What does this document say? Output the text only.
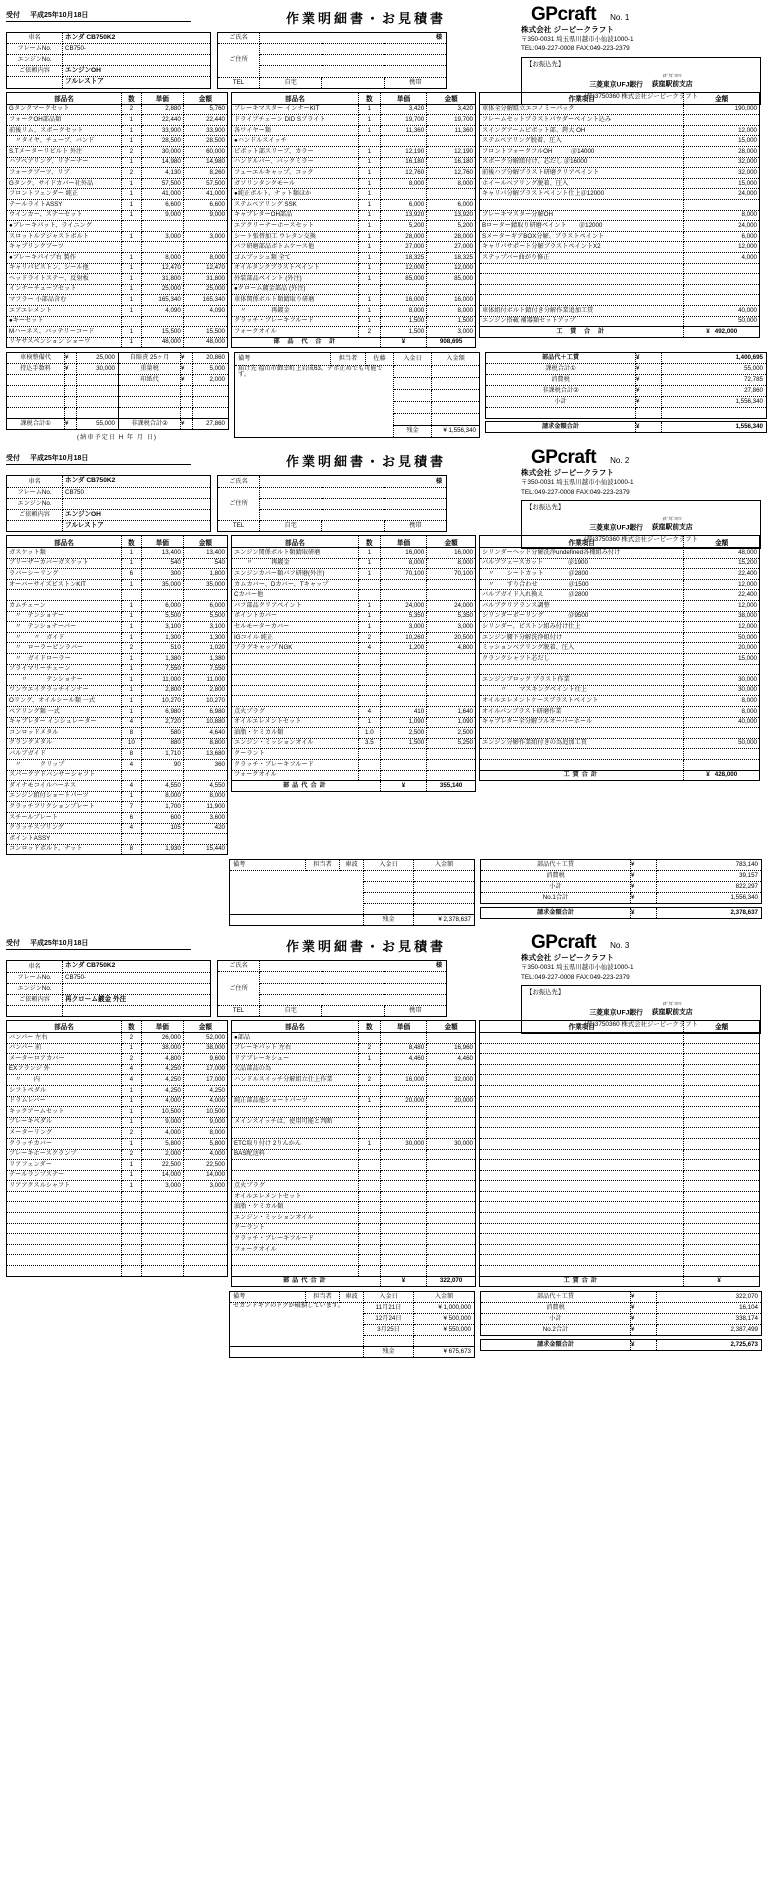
受付 平成25年10月18日	作業明細書・お見積書	GPcraft No. 1
株式会社 ジーピークラフト
〒350-0031 埼玉県川越市小仙波1000-1
TEL:049-227-0008 FAX:049-223-2379
【お振込先】
三菱東京UFJ銀行     ｵｷﾞｸﾎﾞｴｷﾏｴ
荻窪駅前支店
(普)3750360 株式会社ジーピークラフト
車名	ホンダ CB750K2
フレームNo.	CB750-
エンジンNo.	
ご依頼内容	エンジンOH
	フルレストア
ご氏名	様		
ご住所			

TEL	自宅		携帯
部品名	数	単価	金額
Gタンクマークセット	2	2,880	5,760
フォークOH部品類	1	22,440	22,440
前後リム、スポークセット	1	33,900	33,900
　〃タイヤ、チューブ、バンド	1	28,500	28,500
S.Tメーターリビルト 外注	2	30,000	60,000
ハブベアリング、リテーナー	1	14,980	14,980
フォークブーツ、リブ	2	4,130	8,260
Gタンク、サイドカバー社外品	1	57,500	57,500
フロントフェンダー 純正	1	41,000	41,000
テールライトASSY	1	6,600	6,600
ウインカー、ステーセット	1	9,000	9,000
●ブレーキパット、ライニング			
スロットルアジャストボルト	1	3,000	3,000
キャブリンクブーツ			
●ブレーキパイプ右 製作	1	8,000	8,000
キャリパピストン、シール他	1	12,470	12,470
ヘッドライトステー、反射板	1	31,800	31,800
インナーチューブセット	1	25,000	25,000
マフラー 小部品含む	1	165,340	165,340
エアエレメント	1	4,090	4,090
●キーセット			
Mハーネス、バッテリーコード	1	15,500	15,500
リヤサスペンション ショーワ	1	48,000	48,000
部品名	数	単価	金額
ブレーキマスター インナーKIT	1	3,420	3,420
ドライブチェーン DID Sブライト	1	19,700	19,700
各ワイヤー類	1	11,360	11,360
●ハンドルスイッチ			
ピボット部スリーブ、カラー	1	12,190	12,190
ハンドルバー、バックミラー	1	16,180	16,180
フューエルキャップ、コック	1	12,760	12,760
ガソリンタンクモール	1	8,000	8,000
●純正ボルト、ナット類ほか	1		
ステムベアリング SSK	1	6,000	6,000
キャブレターOH部品	1	13,920	13,920
エアクリーナーホースセット	1	5,200	5,200
シート張替加工 ウレタン交換	1	28,000	28,000
バフ研磨部品ボトムケース他	1	27,000	27,000
ゴムブッシュ類 全て	1	18,325	18,325
オイルタンクブラストペイント	1	12,000	12,000
外装部品ペイント (外注)	1	85,000	85,000
●クローム鍍金部品 (外注)			
車体関係ボルト類錆取り研磨	1	16,000	16,000
　〃　　　　再鍍金	1	8,000	8,000
クラッチ・ブレーキフルード	1	1,500	1,500
フォークオイル	2	1,500	3,000
部 品 代 合 計		¥	908,695
作業項目	金額
車体全分解組立エコノミーパック	190,000
フレームセットブラストパウダーペイント込み	
スイングアームピボット部、鍔大 OH	12,000
ステムベアリング脱着、圧入	15,000
フロントフォークフルOH　　　＠14000	28,000
スポーク分解組付け、芯だし ＠16000	32,000
前後ハブ分解ブラスト研磨クリアペイント	32,000
ホイールベアリング脱着、圧入	15,000
キャリパ分解ブラストペイント仕上＠12000	24,000

ブレーキマスター分解OH	8,000
Bローター錆取り研磨ペイント　　＠12000	24,000
SメーターギアBOX分解、ブラストペイント	6,000
キャリパサポート分解ブラストペイントX2	12,000
ステップバー曲がり修正	4,000

車体組付ボルト錆付き分解作業追加工賃	40,000
エンジン搭載 補器類セットアップ	50,000
工 賃 合 計	¥   492,000
車検整備代	¥	25,000	自賠責 25ヶ月	¥	20,860
持込手数料	¥	30,000	重量税	¥	5,000
			印紙代	¥	2,000

課税合計①	¥	55,000	非課税合計②	¥	27,860
(納車予定日 H 年 月 日)
備考	担当者	佐藤	入金日	入金額
届け先 福山市御幸町上岩成63。デポ止めでも可能です。				

			残金	¥ 1,556,340
部品代＋工賃	¥	1,400,695
課税合計①	¥	55,000
消費税	¥	72,785
非課税合計②	¥	27,860
小計	¥	1,556,340

請求金額合計	¥	1,556,340
受付 平成25年10月18日	作業明細書・お見積書	GPcraft No. 2
株式会社 ジーピークラフト
〒350-0031 埼玉県川越市小仙波1000-1
TEL:049-227-0008 FAX:049-223-2379
【お振込先】
三菱東京UFJ銀行     ｵｷﾞｸﾎﾞｴｷﾏｴ
荻窪駅前支店
(普)3750360 株式会社ジーピークラフト
車名	ホンダ CB750K2
フレームNo.	CB750
エンジンNo.	
ご依頼内容	エンジンOH
	フルレストア
ご氏名	様		
ご住所			

TEL	自宅		携帯
部品名	数	単価	金額
ガスケット類	1	13,400	13,400
ブリーザーカバーガスケット	1	540	540
ラバーシーリング	6	300	1,800
オーバーサイズピストンKIT	1	35,000	35,000

カムチェーン	1	6,000	6,000
　〃　テンショナー	1	5,500	5,500
　〃　テンショナーバー	1	3,100	3,100
　〃　　〃　ガイド	1	1,300	1,300
　〃　ローラーピンラバー	2	510	1,020
　〃　ガイドローラー	1	1,380	1,380
プライマリーチェーン	1	7,550	7,550
　　〃　　　テンショナー	1	11,000	11,000
ワンウエイクラッチインナー	1	2,800	2,800
Oリング、オイルシール類 一式	1	10,270	10,270
ベアリング類 一式	1	6,980	6,980
キャブレター インシュレーター	4	2,720	10,880
コンロッドメタル	8	580	4,640
クランクメタル	10	880	8,800
バルブガイド	8	1,710	13,680
　〃　　　クリップ	4	90	360
スパークアドバンサーシャフト			
ダイナモコイルハーネス	4	4,550	4,550
エンジン組付ショートパーツ	1	8,000	8,000
クラッチフリクションプレート	7	1,700	11,900
スチールプレート	6	600	3,600
クラッチスプリング	4	105	420
ポイントASSY			
コンロッドボルト、ナット	8	1,930	15,440
部品名	数	単価	金額
エンジン関係ボルト類錆取研磨	1	16,000	16,000
　　〃　　　再鍍金	1	8,000	8,000
エンジンカバー類バフ研磨(外注)	1	70,100	70,100
カムカバー、Dカバー、Tキャップ			
Cカバー他			
バフ部品クリアペイント	1	24,000	24,000
ポイントカバー	1	5,350	5,350
セルモーターカバー	1	3,000	3,000
IGコイル 純正	2	10,260	20,500
プラグキャップ NGK	4	1,200	4,800

点火プラグ	4	410	1,640
オイルエレメントセット	1	1,090	1,090
油脂・ケミカル類	1.0	2,500	2,500
エンジン・ミッションオイル	3.5	1,500	5,250
クーラント			
クラッチ・ブレーキフルード			
フォークオイル			
部品代合計		¥	355,140
作業項目	金額
シリンダーヘッド分解洗浄undefined各種組み付け	48,000
バルブフェースカット　　　　＠1900	15,200
　〃　　シートカット　　　　＠2800	22,400
　〃　　すり合わせ　　　　　＠1500	12,000
バルブガイド入れ換え　　　　＠2800	22,400
バルブクリアランス調整	12,000
シリンダーボーリング　　　　＠9500	38,000
シリンダー、ピストン組み付け仕上	12,000
エンジン腰下分解洗浄組付け	50,000
ミッションベアリング脱着、圧入	20,000
クランクシャフト芯だし	15,000

エンジンブロック ブラスト作業	30,000
　　　〃　　マスキングペイント仕上	30,000
オイルエレメントケースブラストペイント	8,000
オイルパンブラスト研磨作業	8,000
キャブレター全分解フルオーバーホール	40,000

エンジン分解作業組付きの為追加工賃	50,000

工賃合計	¥   428,000

備考	担当者	庫波	入金日	入金額

			残金	¥ 2,378,637
部品代＋工賃	¥	783,140
消費税	¥	39,157
小計	¥	822,297
No.1合計	¥	1,556,340
請求金額合計	¥	2,378,637
受付 平成25年10月18日	作業明細書・お見積書	GPcraft No. 3
株式会社 ジーピークラフト
〒350-0031 埼玉県川越市小仙波1000-1
TEL:049-227-0008 FAX:049-223-2379
【お振込先】
三菱東京UFJ銀行     ｵｷﾞｸﾎﾞｴｷﾏｴ
荻窪駅前支店
(普)3750360 株式会社ジーピークラフト
車名	ホンダ CB750K2
フレームNo.	CB750-
エンジンNo.	
ご依頼内容	再クローム鍍金 外注

ご氏名	様		
ご住所			

TEL	自宅		携帯
部品名	数	単価	金額
バンパー 左右	2	26,000	52,000
バンパー 前	1	38,000	38,000
メーターロアカバー	2	4,800	9,600
EXフランジ 外	4	4,250	17,000
　〃　　内	4	4,250	17,000
シフトペダル	1	4,250	4,250
ドラムレバー	1	4,000	4,000
キックアームセット	1	10,500	10,500
ブレーキペダル	1	9,000	9,000
メーターリング	2	4,000	8,000
クラッチカバー	1	5,800	5,800
ブレーキホースクランプ	2	2,000	4,000
リアフェンダー	1	22,500	22,500
テールランプステー	1	14,000	14,000
リアアクスルシャフト	1	3,000	3,000

部品名	数	単価	金額
●部品			
ブレーキパット 左右	2	8,480	16,960
リアブレーキシュー	1	4,460	4,460
欠品部品の為			
ハンドルスイッチ分解組立仕上作業	2	16,000	32,000

純正部品他ショートパーツ	1	20,000	20,000

メインスイッチは、使用可能と判断			

ETC取り付け 2りんかん	1	30,000	30,000
BAS配送料			

点火プラグ			
オイルエレメントセット			
油脂・ケミカル類			
エンジン・ミッションオイル			
クーラント			
クラッチ・ブレーキフルード			
フォークオイル			

部品代合計		¥	322,070
作業項目	金額

工賃合計	¥

備考	担当者	庫波	入金日	入金額
セカンドギアのドグが破損しています。			11月21日	¥ 1,000,000
			12月24日	¥ 500,000
			3月25日	¥ 550,000

			残金	¥ 675,673
部品代＋工賃	¥	322,070
消費税	¥	16,104
小計	¥	338,174
No.2合計	¥	2,387,499
請求金額合計	¥	2,725,673
